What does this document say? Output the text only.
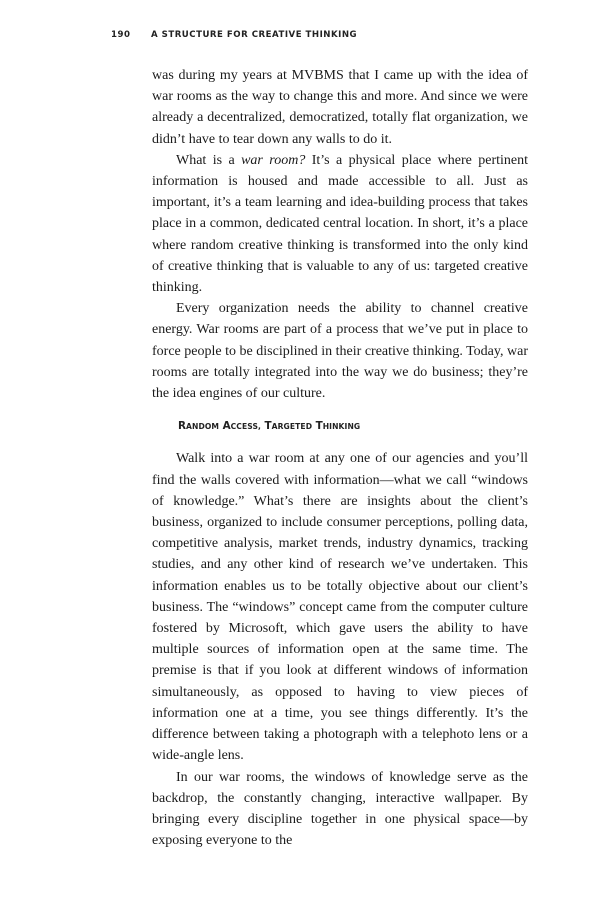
190 A STRUCTURE FOR CREATIVE THINKING

was during my years at MVBMS that I came up with the idea of war rooms as the way to change this and more. And since we were already a decentralized, democratized, totally flat organization, we didn’t have to tear down any walls to do it.

What is a war room? It’s a physical place where pertinent information is housed and made accessible to all. Just as important, it’s a team learning and idea-building process that takes place in a common, dedicated central location. In short, it’s a place where random creative thinking is transformed into the only kind of creative thinking that is valuable to any of us: targeted creative thinking.

Every organization needs the ability to channel creative energy. War rooms are part of a process that we’ve put in place to force people to be disciplined in their creative thinking. Today, war rooms are totally integrated into the way we do business; they’re the idea engines of our culture.

RANDOM ACCESS, TARGETED THINKING

Walk into a war room at any one of our agencies and you’ll find the walls covered with information—what we call “windows of knowledge.” What’s there are insights about the client’s business, organized to include consumer perceptions, polling data, competitive analysis, market trends, industry dynamics, tracking studies, and any other kind of research we’ve undertaken. This information enables us to be totally objective about our client’s business. The “windows” concept came from the computer culture fostered by Microsoft, which gave users the ability to have multiple sources of information open at the same time. The premise is that if you look at different windows of information simultaneously, as opposed to having to view pieces of information one at a time, you see things differently. It’s the difference between taking a photograph with a telephoto lens or a wide-angle lens.

In our war rooms, the windows of knowledge serve as the backdrop, the constantly changing, interactive wallpaper. By bringing every discipline together in one physical space—by exposing everyone to the
